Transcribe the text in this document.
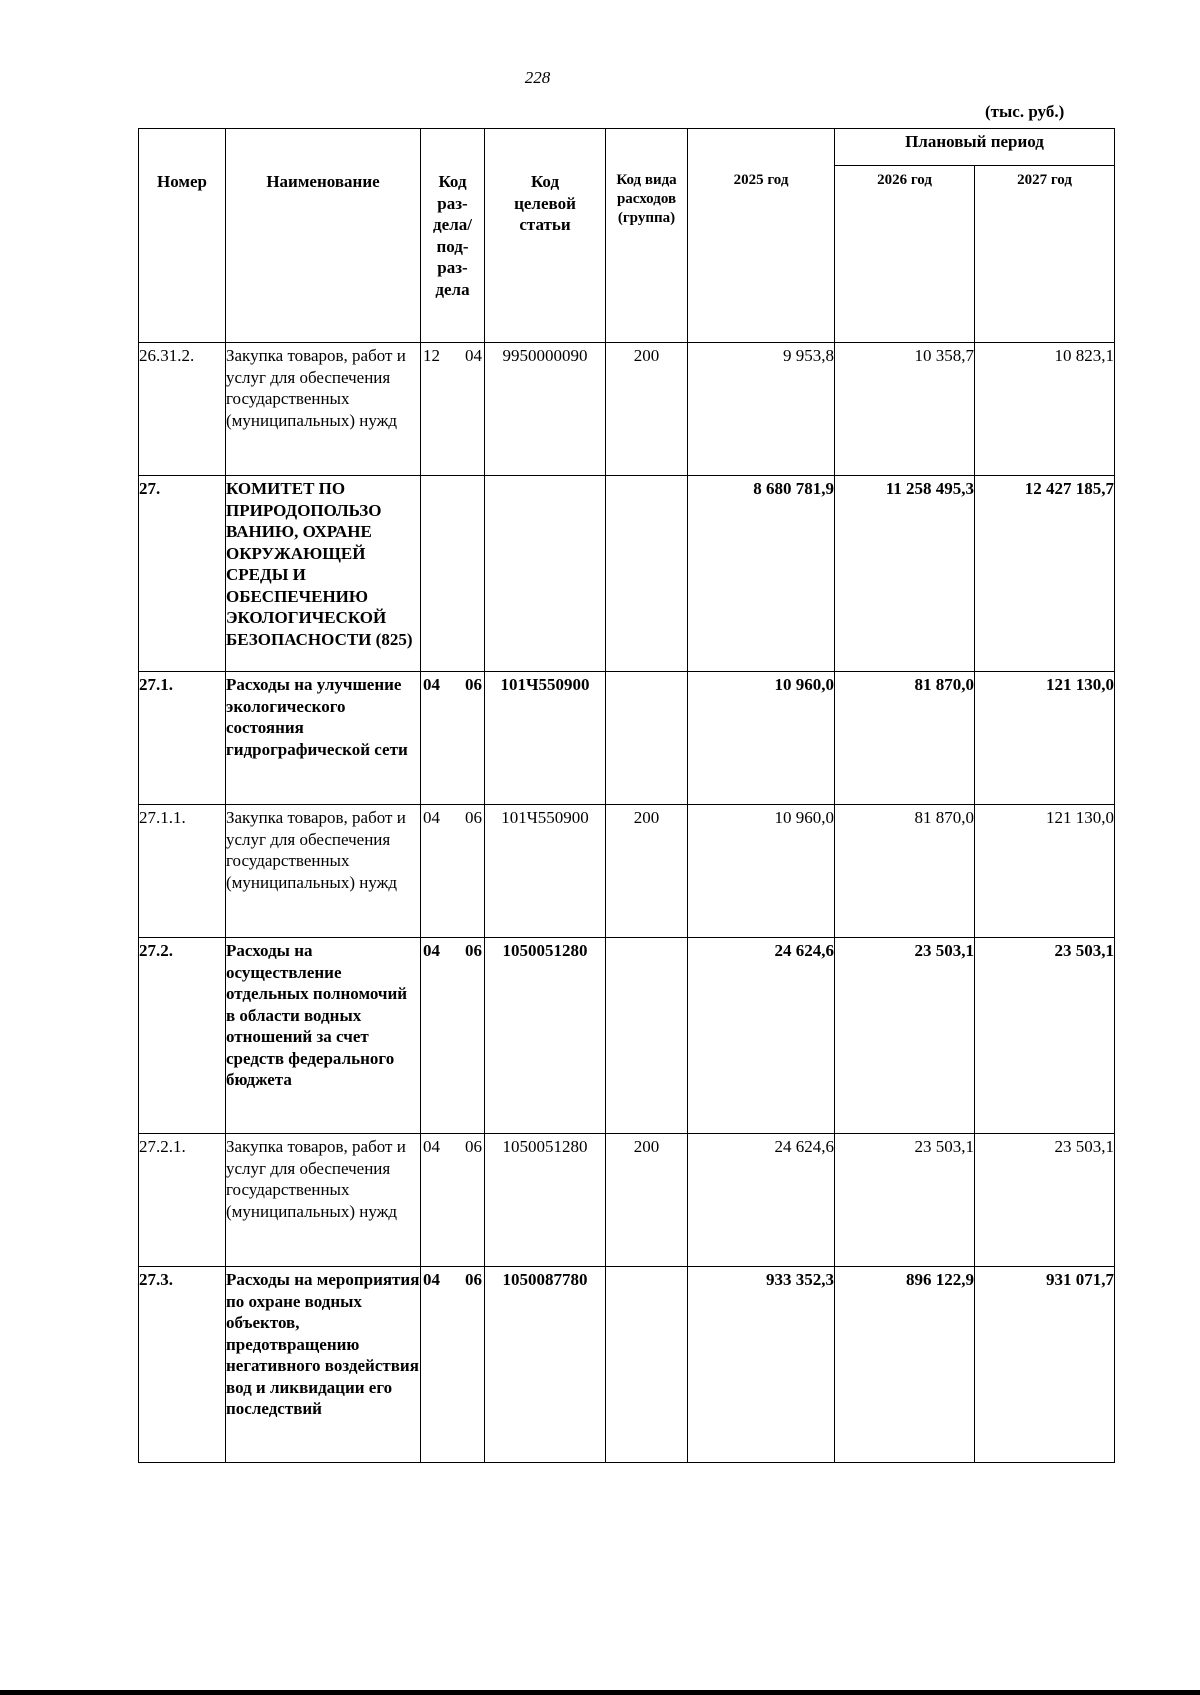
228
(тыс. руб.)
Номер	Наименование	Код раз-дела/ под-раз-дела	Код целевой статьи	Код вида расходов (группа)	2025 год	Плановый период	
						2026 год	2027 год
26.31.2.	Закупка товаров, работ и услуг для обеспечения государственных (муниципальных) нужд	12 04	9950000090	200	9 953,8	10 358,7	10 823,1
27.	КОМИТЕТ ПО ПРИРОДОПОЛЬЗО ВАНИЮ, ОХРАНЕ ОКРУЖАЮЩЕЙ СРЕДЫ И ОБЕСПЕЧЕНИЮ ЭКОЛОГИЧЕСКОЙ БЕЗОПАСНОСТИ (825)				8 680 781,9	11 258 495,3	12 427 185,7
27.1.	Расходы на улучшение экологического состояния гидрографической сети	04 06	101Ч550900		10 960,0	81 870,0	121 130,0
27.1.1.	Закупка товаров, работ и услуг для обеспечения государственных (муниципальных) нужд	04 06	101Ч550900	200	10 960,0	81 870,0	121 130,0
27.2.	Расходы на осуществление отдельных полномочий в области водных отношений за счет средств федерального бюджета	04 06	1050051280		24 624,6	23 503,1	23 503,1
27.2.1.	Закупка товаров, работ и услуг для обеспечения государственных (муниципальных) нужд	04 06	1050051280	200	24 624,6	23 503,1	23 503,1
27.3.	Расходы на мероприятия по охране водных объектов, предотвращению негативного воздействия вод и ликвидации его последствий	04 06	1050087780		933 352,3	896 122,9	931 071,7
